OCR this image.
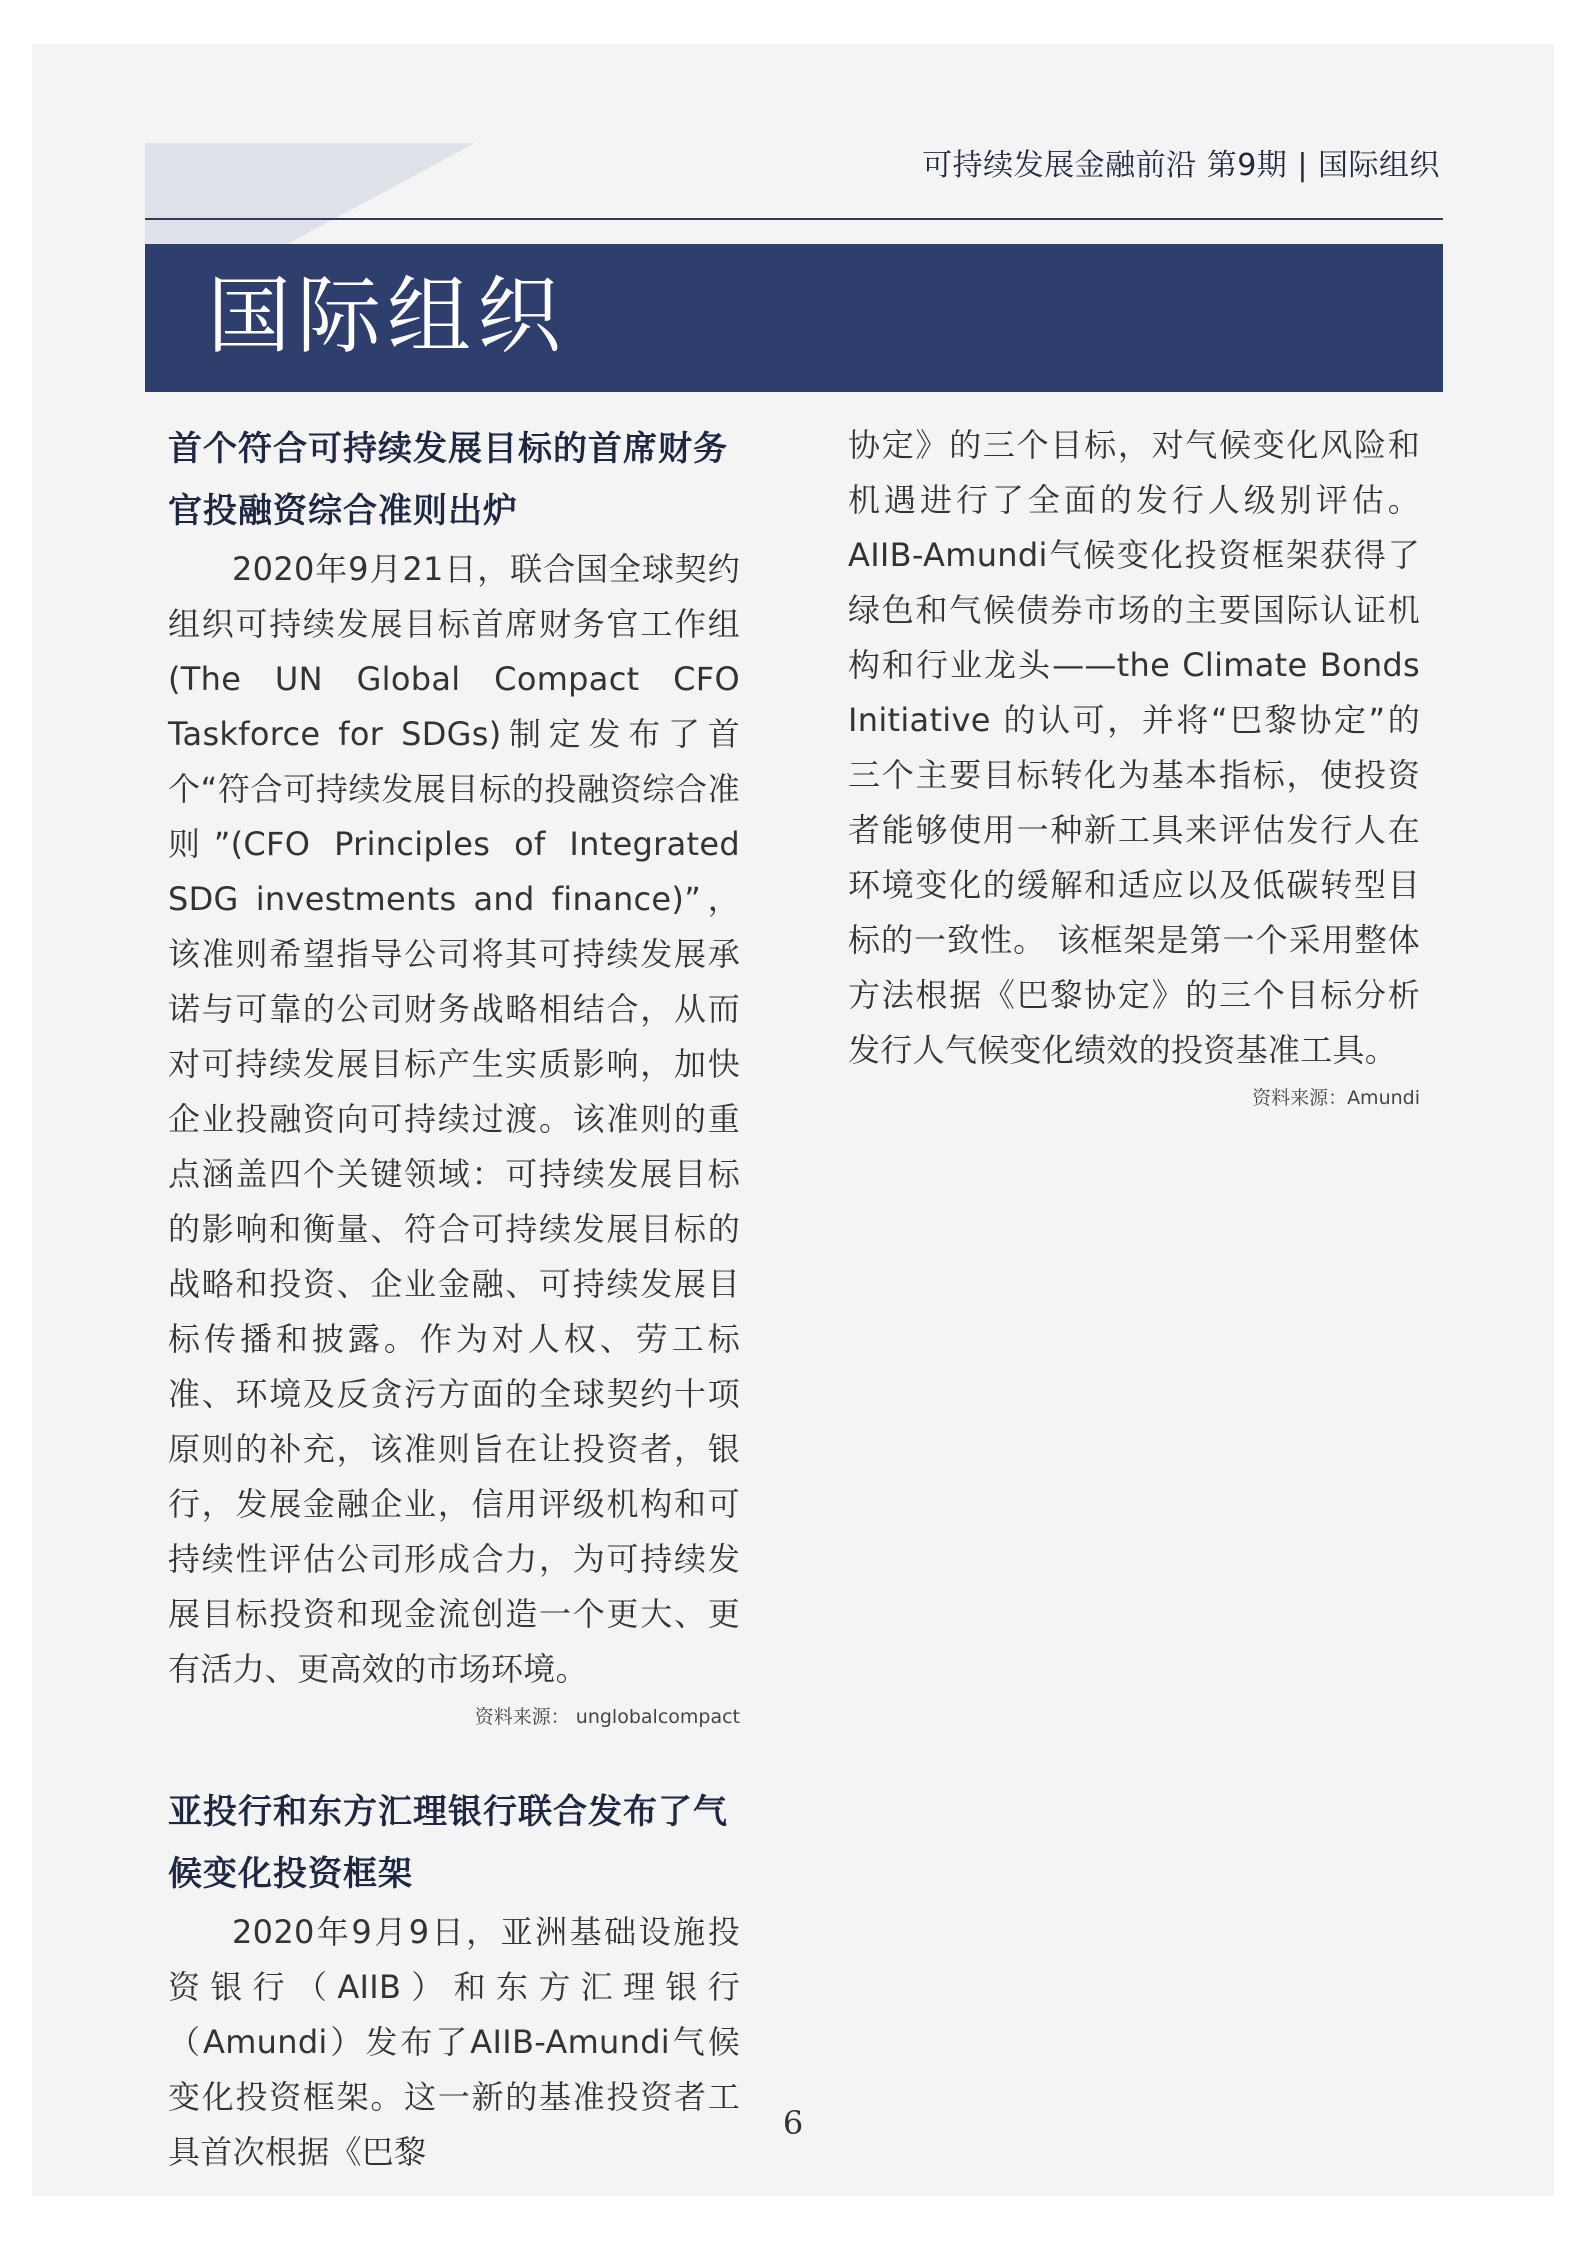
可持续发展金融前沿 第9期 | 国际组织
国际组织
首个符合可持续发展目标的首席财务官投融资综合准则出炉

2020年9月21日，联合国全球契约组织可持续发展目标首席财务官工作组(The UN Global Compact CFO Taskforce for SDGs)制定发布了首个“符合可持续发展目标的投融资综合准则”(CFO Principles of Integrated SDG investments and finance)”，该准则希望指导公司将其可持续发展承诺与可靠的公司财务战略相结合，从而对可持续发展目标产生实质影响，加快企业投融资向可持续过渡。该准则的重点涵盖四个关键领域：可持续发展目标的影响和衡量、符合可持续发展目标的战略和投资、企业金融、可持续发展目标传播和披露。作为对人权、劳工标准、环境及反贪污方面的全球契约十项原则的补充，该准则旨在让投资者，银行，发展金融企业，信用评级机构和可持续性评估公司形成合力，为可持续发展目标投资和现金流创造一个更大、更有活力、更高效的市场环境。

资料来源： unglobalcompact

亚投行和东方汇理银行联合发布了气候变化投资框架

2020年9月9日，亚洲基础设施投资银行（AIIB）和东方汇理银行（Amundi）发布了AIIB-Amundi气候变化投资框架。这一新的基准投资者工具首次根据《巴黎

协定》的三个目标，对气候变化风险和机遇进行了全面的发行人级别评估。AIIB-Amundi气候变化投资框架获得了绿色和气候债券市场的主要国际认证机构和行业龙头——the Climate Bonds Initiative 的认可，并将“巴黎协定”的三个主要目标转化为基本指标，使投资者能够使用一种新工具来评估发行人在环境变化的缓解和适应以及低碳转型目标的一致性。 该框架是第一个采用整体方法根据《巴黎协定》的三个目标分析发行人气候变化绩效的投资基准工具。

资料来源：Amundi

6
